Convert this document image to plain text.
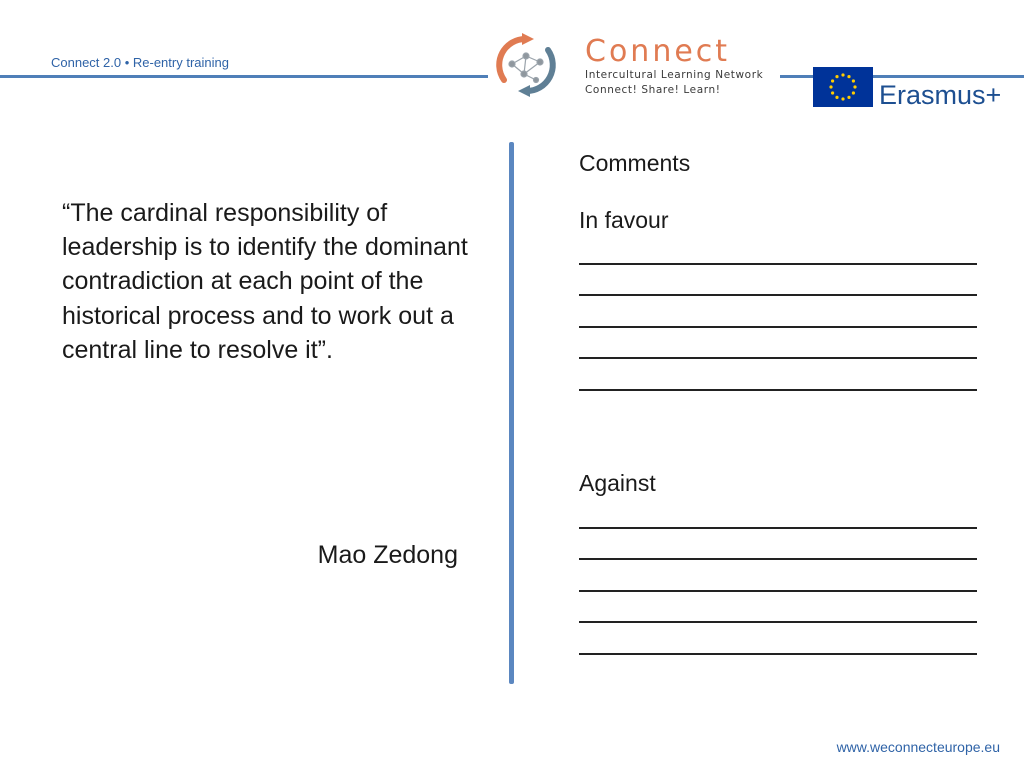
Connect 2.0 • Re-entry training	Connect
Intercultural Learning Network
Connect! Share! Learn!	Erasmus+
“The cardinal responsibility of leadership is to identify the dominant contradiction at each point of the historical process and to work out a central line to resolve it”.
Mao Zedong
Comments
In favour
Against
www.weconnecteurope.eu
